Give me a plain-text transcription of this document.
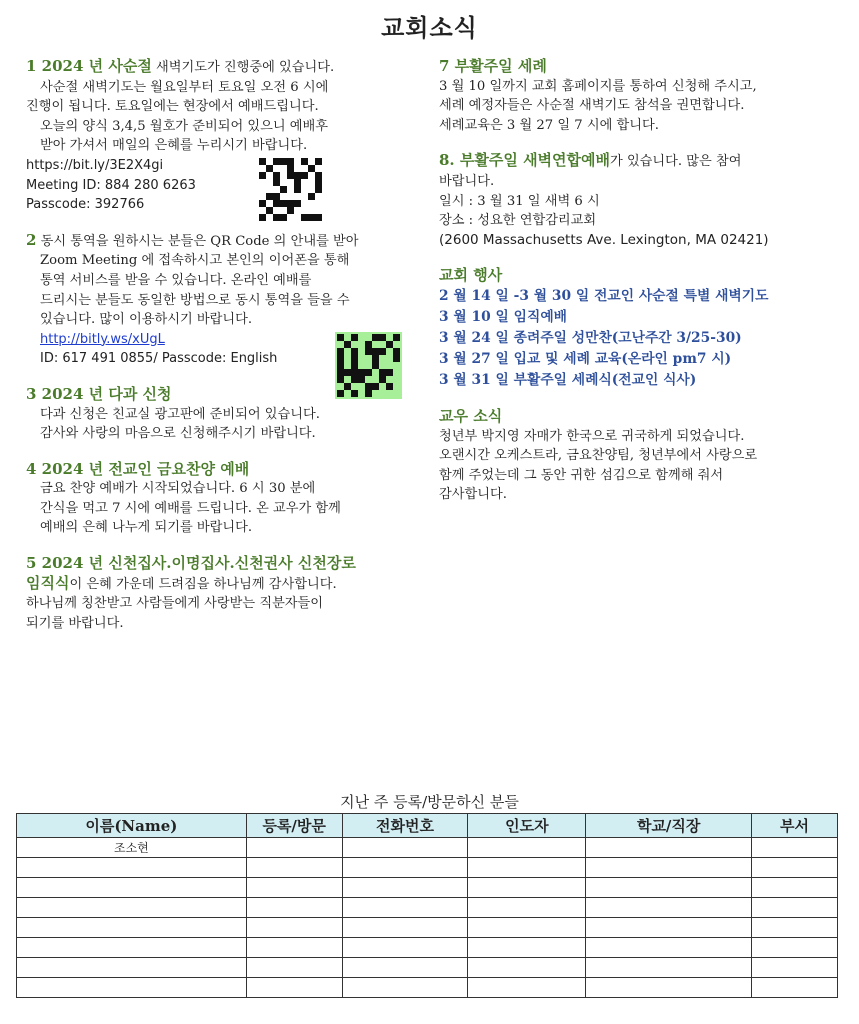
교회소식
1 2024 년 사순절 새벽기도가 진행중에 있습니다.
사순절 새벽기도는 월요일부터 토요일 오전 6 시에
진행이 됩니다. 토요일에는 현장에서 예배드립니다.
오늘의 양식 3,4,5 월호가 준비되어 있으니 예배후
받아 가셔서 매일의 은혜를 누리시기 바랍니다.
https://bit.ly/3E2X4gi
Meeting ID: 884 280 6263
Passcode: 392766
2 동시 통역을 원하시는 분들은 QR Code 의 안내를 받아
Zoom Meeting 에 접속하시고 본인의 이어폰을 통해
통역 서비스를 받을 수 있습니다. 온라인 예배를
드리시는 분들도 동일한 방법으로 동시 통역을 들을 수
있습니다. 많이 이용하시기 바랍니다.
http://bitly.ws/xUgL
ID: 617 491 0855/ Passcode: English
3 2024 년 다과 신청
다과 신청은 친교실 광고판에 준비되어 있습니다.
감사와 사랑의 마음으로 신청해주시기 바랍니다.
4 2024 년 전교인 금요찬양 예배
금요 찬양 예배가 시작되었습니다. 6 시 30 분에
간식을 먹고 7 시에 예배를 드립니다. 온 교우가 함께
예배의 은혜 나누게 되기를 바랍니다.
5 2024 년 신천집사.이명집사.신천권사 신천장로
임직식이 은혜 가운데 드려짐을 하나님께 감사합니다.
하나님께 칭찬받고 사람들에게 사랑받는 직분자들이
되기를 바랍니다.
7 부활주일 세례
3 월 10 일까지 교회 홈페이지를 통하여 신청해 주시고,
세례 예정자들은 사순절 새벽기도 참석을 권면합니다.
세례교육은 3 월 27 일 7 시에 합니다.
8. 부활주일 새벽연합예배가 있습니다. 많은 참여
바랍니다.
일시 : 3 월 31 일 새벽 6 시
장소 : 성요한 연합감리교회
(2600 Massachusetts Ave. Lexington, MA 02421)
교회 행사
2 월 14 일 -3 월 30 일 전교인 사순절 특별 새벽기도
3 월 10 일 임직예배
3 월 24 일 종려주일 성만찬(고난주간 3/25-30)
3 월 27 일 입교 및 세례 교육(온라인 pm7 시)
3 월 31 일 부활주일 세례식(전교인 식사)
교우 소식
청년부 박지영 자매가 한국으로 귀국하게 되었습니다.
오랜시간 오케스트라, 금요찬양팀, 청년부에서 사랑으로
함께 주었는데 그 동안 귀한 섬김으로 함께해 줘서
감사합니다.
지난 주 등록/방문하신 분들
이름(Name)	등록/방문	전화번호	인도자	학교/직장	부서
조소현					
